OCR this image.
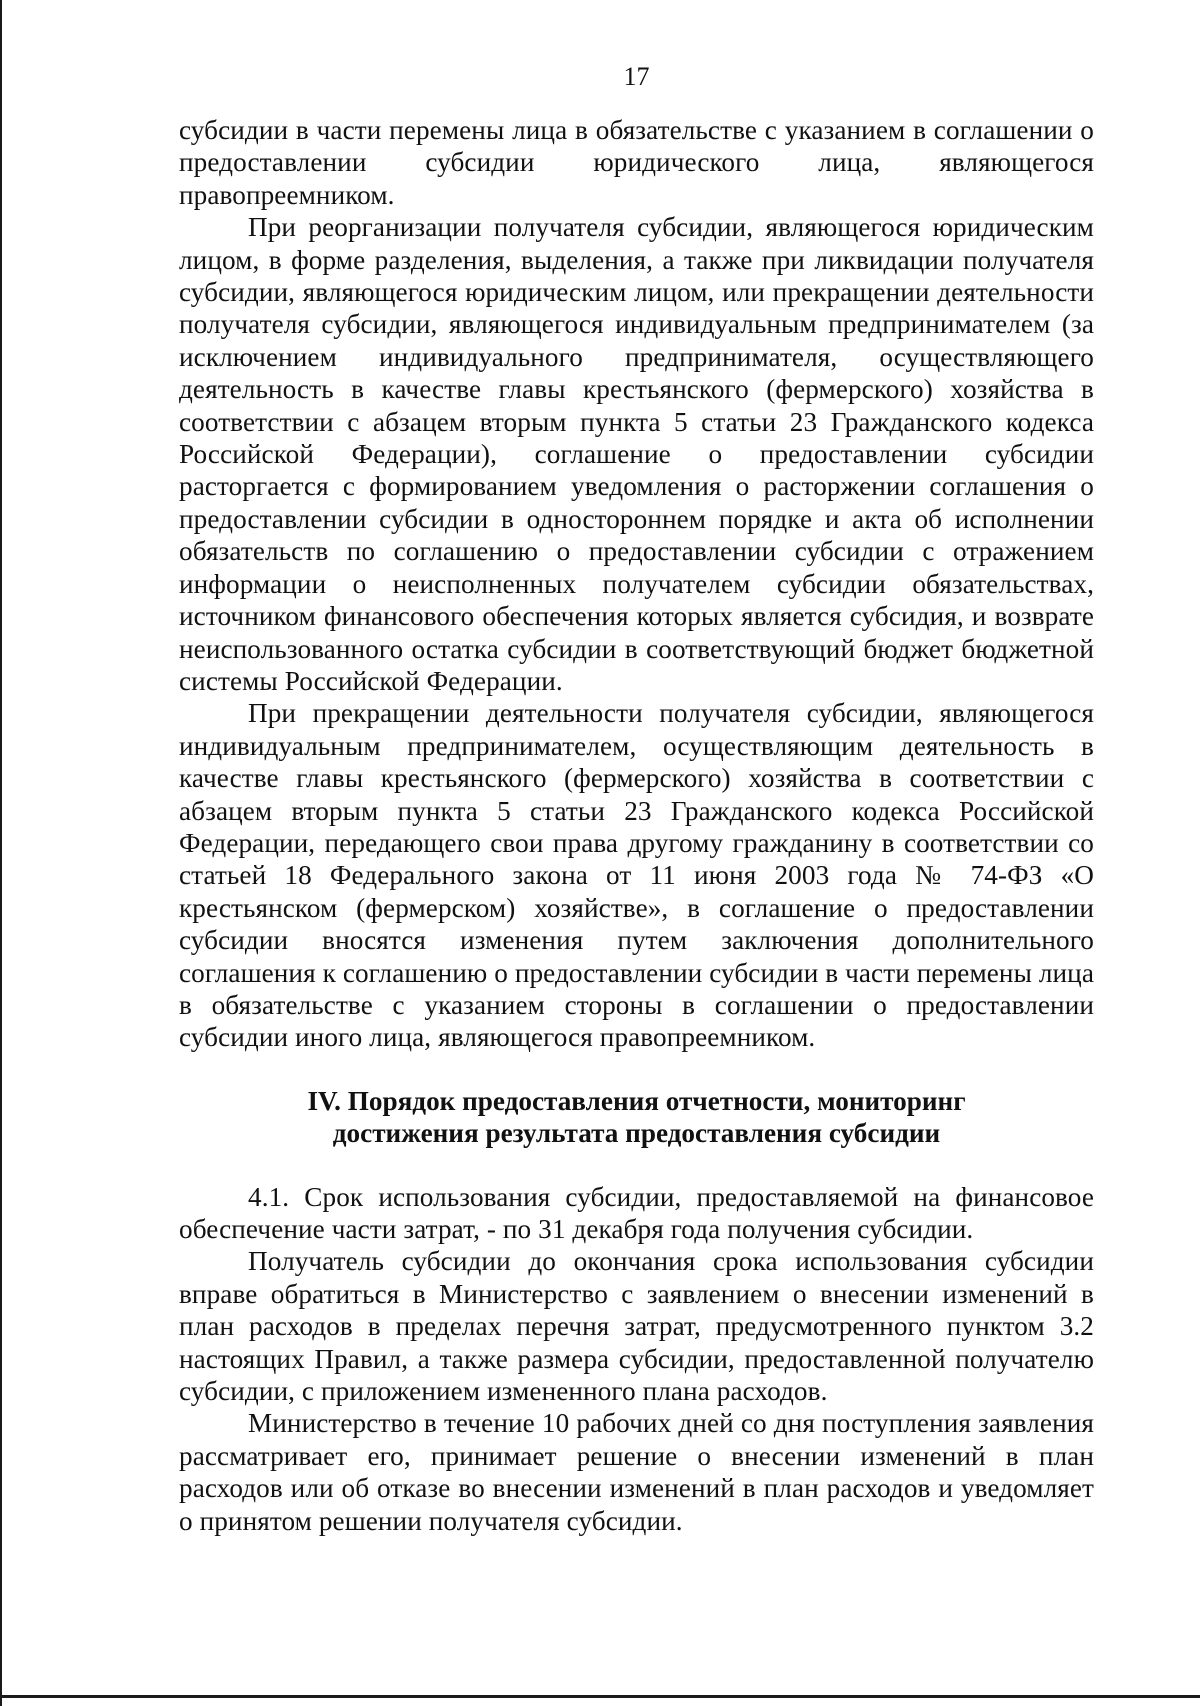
17

субсидии в части перемены лица в обязательстве с указанием в соглашении о предоставлении субсидии юридического лица, являющегося правопреемником.

При реорганизации получателя субсидии, являющегося юридическим лицом, в форме разделения, выделения, а также при ликвидации получателя субсидии, являющегося юридическим лицом, или прекращении деятельности получателя субсидии, являющегося индивидуальным предпринимателем (за исключением индивидуального предпринимателя, осуществляющего деятельность в качестве главы крестьянского (фермерского) хозяйства в соответствии с абзацем вторым пункта 5 статьи 23 Гражданского кодекса Российской Федерации), соглашение о предоставлении субсидии расторгается с формированием уведомления о расторжении соглашения о предоставлении субсидии в одностороннем порядке и акта об исполнении обязательств по соглашению о предоставлении субсидии с отражением информации о неисполненных получателем субсидии обязательствах, источником финансового обеспечения которых является субсидия, и возврате неиспользованного остатка субсидии в соответствующий бюджет бюджетной системы Российской Федерации.

При прекращении деятельности получателя субсидии, являющегося индивидуальным предпринимателем, осуществляющим деятельность в качестве главы крестьянского (фермерского) хозяйства в соответствии с абзацем вторым пункта 5 статьи 23 Гражданского кодекса Российской Федерации, передающего свои права другому гражданину в соответствии со статьей 18 Федерального закона от 11 июня 2003 года № 74-ФЗ «О крестьянском (фермерском) хозяйстве», в соглашение о предоставлении субсидии вносятся изменения путем заключения дополнительного соглашения к соглашению о предоставлении субсидии в части перемены лица в обязательстве с указанием стороны в соглашении о предоставлении субсидии иного лица, являющегося правопреемником.

IV. Порядок предоставления отчетности, мониторинг
достижения результата предоставления субсидии

4.1. Срок использования субсидии, предоставляемой на финансовое обеспечение части затрат, - по 31 декабря года получения субсидии.

Получатель субсидии до окончания срока использования субсидии вправе обратиться в Министерство с заявлением о внесении изменений в план расходов в пределах перечня затрат, предусмотренного пунктом 3.2 настоящих Правил, а также размера субсидии, предоставленной получателю субсидии, с приложением измененного плана расходов.

Министерство в течение 10 рабочих дней со дня поступления заявления рассматривает его, принимает решение о внесении изменений в план расходов или об отказе во внесении изменений в план расходов и уведомляет о принятом решении получателя субсидии.
